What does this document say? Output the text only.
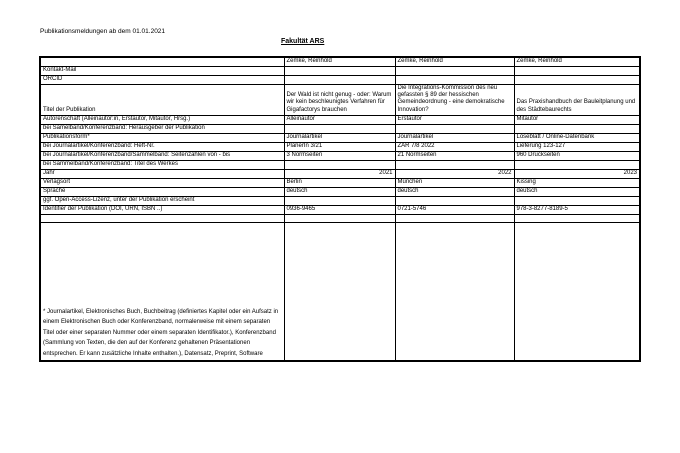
Publikationsmeldungen ab dem 01.01.2021
Fakultät ARS
	Zemke, Reinhold	Zemke, Reinhold	Zemke, Reinhold
Kontakt-Mail			
ORCID			
Titel der Publikation	Der Wald ist nicht genug - oder: Warum wir kein beschleunigtes Verfahren für Gigafactorys brauchen	Die Integrations-Kommission des neu gefassten § 89 der hessischen Gemeindeordnung - eine demokratische Innovation?	Das Praxishandbuch der Bauleitplanung und des Städtebaurechts
Autorenschaft (Alleinautor:in, Erstautor, Mitautor, Hrsg.)	Alleinautor	Erstautor	Mitautor
bei Samelband/Konferenzband: Herausgeber der Publikation			
Publikationsform*	Journalartikel	Journalartikel	Loseblatt / Online-Datenbank
bei Journalartikel/Konferenzband: Heft-Nr.	PlanerIn 3/21	ZAR 7/8 2022	Lieferung 123-127
bei Journalartikel/Konferenzband/Sammelband: Seitenzahlen von - bis	3 Normseiten	21 Normseiten	960 Druckseiten
bei Sammelband/Konferenzband: Titel des Werkes			
Jahr	2021	2022	2023
Verlagsort	Berlin	München	Kissing
Sprache	deutsch	deutsch	deutsch
ggf. Open-Access-Lizenz, unter der Publikation erscheint			
Identifier der Publikation (DOI, URN, ISBN ..)	0936-9465	0721-5746	978-3-8277-8189-5

* Journalartikel, Elektronisches Buch, Buchbeitrag (definiertes Kapitel oder ein Aufsatz in einem Elektronischen Buch oder Konferenzband, normalerweise mit einem separaten Titel oder einer separaten Nummer oder einem separaten Identifikator.), Konferenzband (Sammlung von Texten, die den auf der Konferenz gehaltenen Präsentationen entsprechen. Er kann zusätzliche Inhalte enthalten.), Datensatz, Preprint, Software			
